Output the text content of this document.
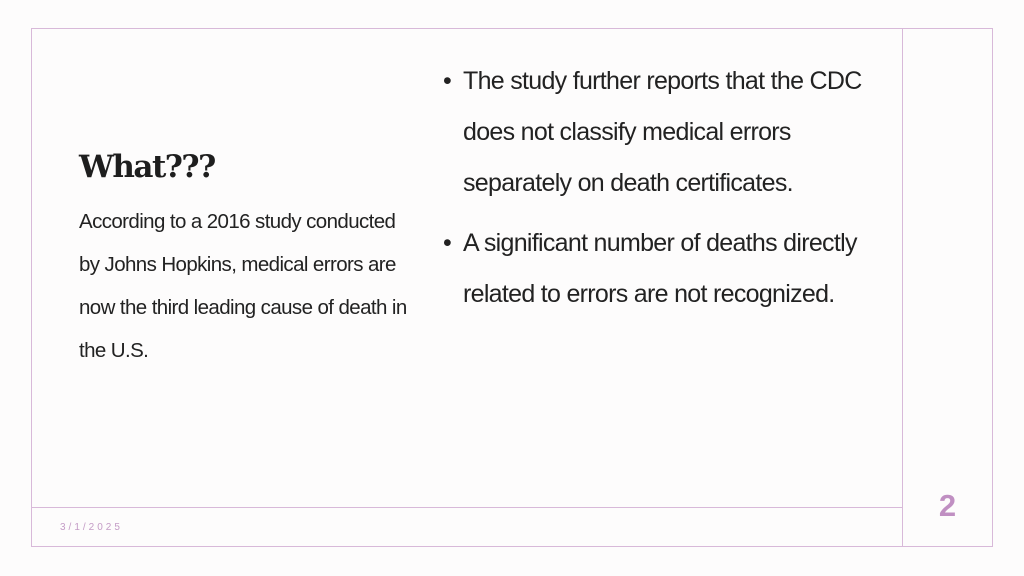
What???

According to a 2016 study conducted by Johns Hopkins, medical errors are now the third leading cause of death in the U.S.

• The study further reports that the CDC does not classify medical errors separately on death certificates.
• A significant number of deaths directly related to errors are not recognized.
3/1/2025
2
